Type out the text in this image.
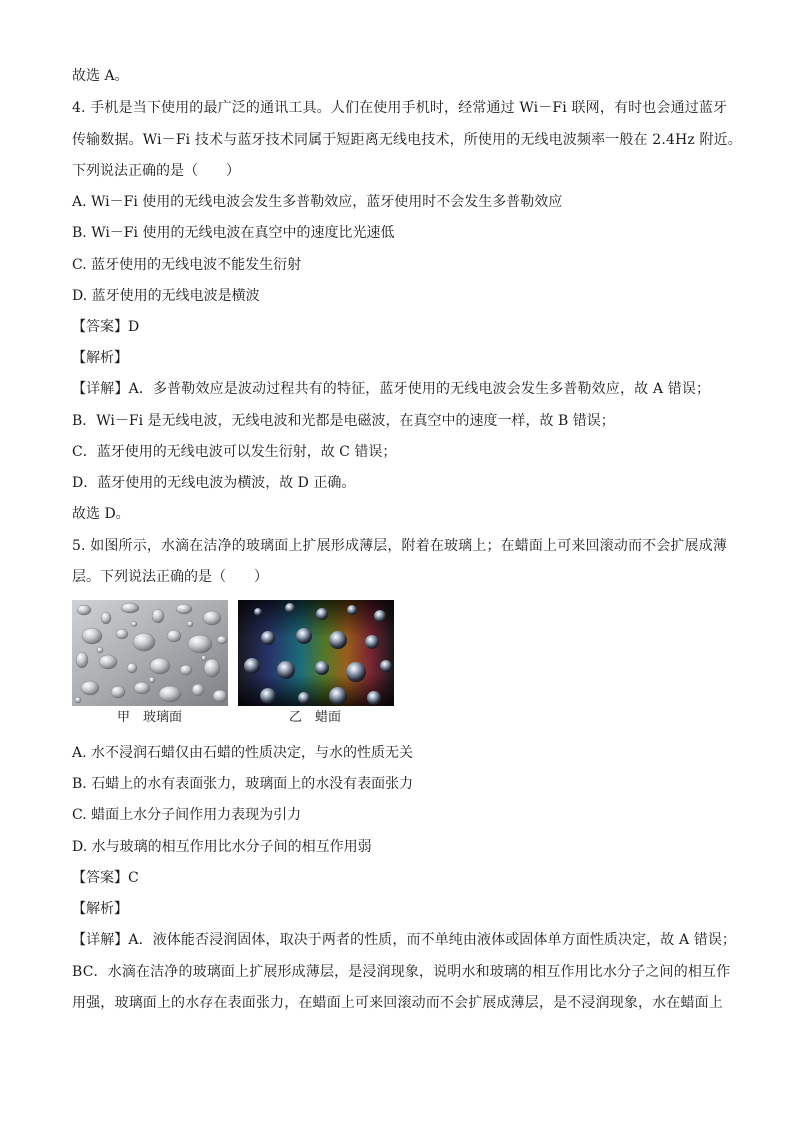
故选 A。
4. 手机是当下使用的最广泛的通讯工具。人们在使用手机时，经常通过 Wi－Fi 联网，有时也会通过蓝牙
传输数据。Wi－Fi 技术与蓝牙技术同属于短距离无线电技术，所使用的无线电波频率一般在 2.4Hz 附近。
下列说法正确的是（　　）
A. Wi－Fi 使用的无线电波会发生多普勒效应，蓝牙使用时不会发生多普勒效应
B. Wi－Fi 使用的无线电波在真空中的速度比光速低
C. 蓝牙使用的无线电波不能发生衍射
D. 蓝牙使用的无线电波是横波
【答案】D
【解析】
【详解】A．多普勒效应是波动过程共有的特征，蓝牙使用的无线电波会发生多普勒效应，故 A 错误；
B．Wi－Fi 是无线电波，无线电波和光都是电磁波，在真空中的速度一样，故 B 错误；
C．蓝牙使用的无线电波可以发生衍射，故 C 错误；
D．蓝牙使用的无线电波为横波，故 D 正确。
故选 D。
5. 如图所示，水滴在洁净的玻璃面上扩展形成薄层，附着在玻璃上；在蜡面上可来回滚动而不会扩展成薄
层。下列说法正确的是（　　）
甲　玻璃面	乙　蜡面
A. 水不浸润石蜡仅由石蜡的性质决定，与水的性质无关
B. 石蜡上的水有表面张力，玻璃面上的水没有表面张力
C. 蜡面上水分子间作用力表现为引力
D. 水与玻璃的相互作用比水分子间的相互作用弱
【答案】C
【解析】
【详解】A．液体能否浸润固体，取决于两者的性质，而不单纯由液体或固体单方面性质决定，故 A 错误；
BC．水滴在洁净的玻璃面上扩展形成薄层，是浸润现象，说明水和玻璃的相互作用比水分子之间的相互作
用强，玻璃面上的水存在表面张力，在蜡面上可来回滚动而不会扩展成薄层，是不浸润现象，水在蜡面上
